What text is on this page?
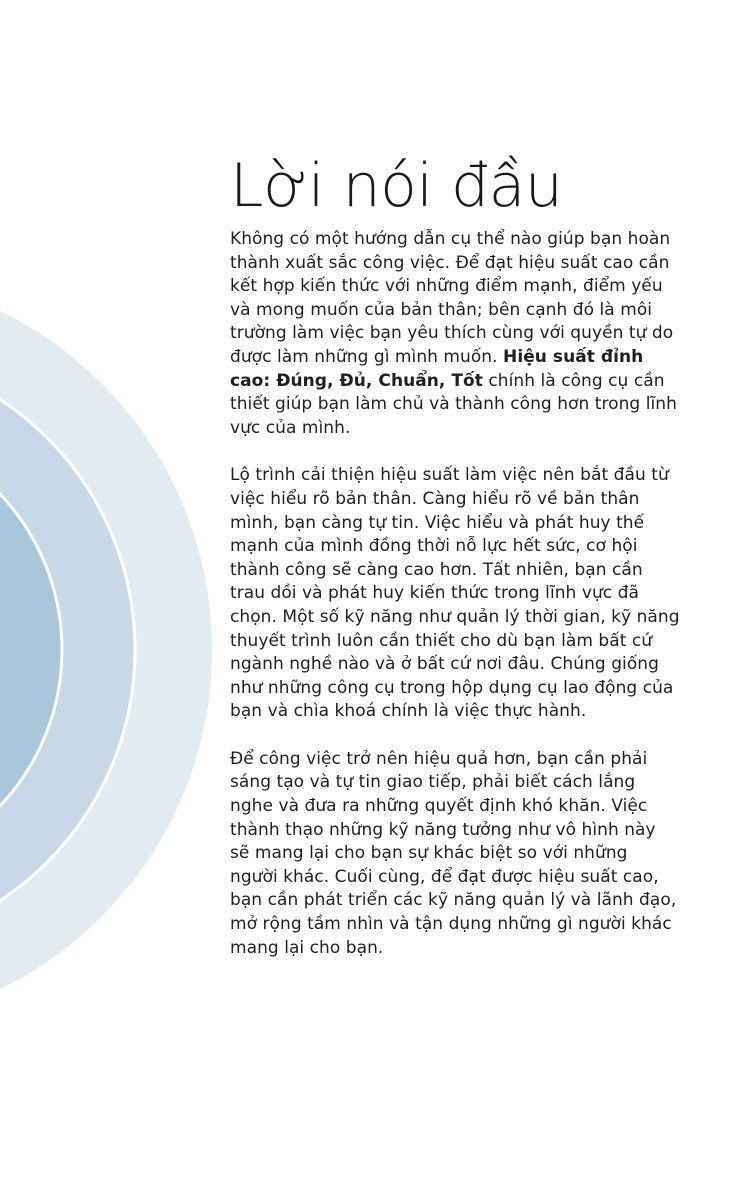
Lời nói đầu

Không có một hướng dẫn cụ thể nào giúp bạn hoàn thành xuất sắc công việc. Để đạt hiệu suất cao cần kết hợp kiến thức với những điểm mạnh, điểm yếu và mong muốn của bản thân; bên cạnh đó là môi trường làm việc bạn yêu thích cùng với quyền tự do được làm những gì mình muốn. Hiệu suất đỉnh cao: Đúng, Đủ, Chuẩn, Tốt chính là công cụ cần thiết giúp bạn làm chủ và thành công hơn trong lĩnh vực của mình.

Lộ trình cải thiện hiệu suất làm việc nên bắt đầu từ việc hiểu rõ bản thân. Càng hiểu rõ về bản thân mình, bạn càng tự tin. Việc hiểu và phát huy thế mạnh của mình đồng thời nỗ lực hết sức, cơ hội thành công sẽ càng cao hơn. Tất nhiên, bạn cần trau dồi và phát huy kiến thức trong lĩnh vực đã chọn. Một số kỹ năng như quản lý thời gian, kỹ năng thuyết trình luôn cần thiết cho dù bạn làm bất cứ ngành nghề nào và ở bất cứ nơi đâu. Chúng giống như những công cụ trong hộp dụng cụ lao động của bạn và chìa khoá chính là việc thực hành.

Để công việc trở nên hiệu quả hơn, bạn cần phải sáng tạo và tự tin giao tiếp, phải biết cách lắng nghe và đưa ra những quyết định khó khăn. Việc thành thạo những kỹ năng tưởng như vô hình này sẽ mang lại cho bạn sự khác biệt so với những người khác. Cuối cùng, để đạt được hiệu suất cao, bạn cần phát triển các kỹ năng quản lý và lãnh đạo, mở rộng tầm nhìn và tận dụng những gì người khác mang lại cho bạn.
